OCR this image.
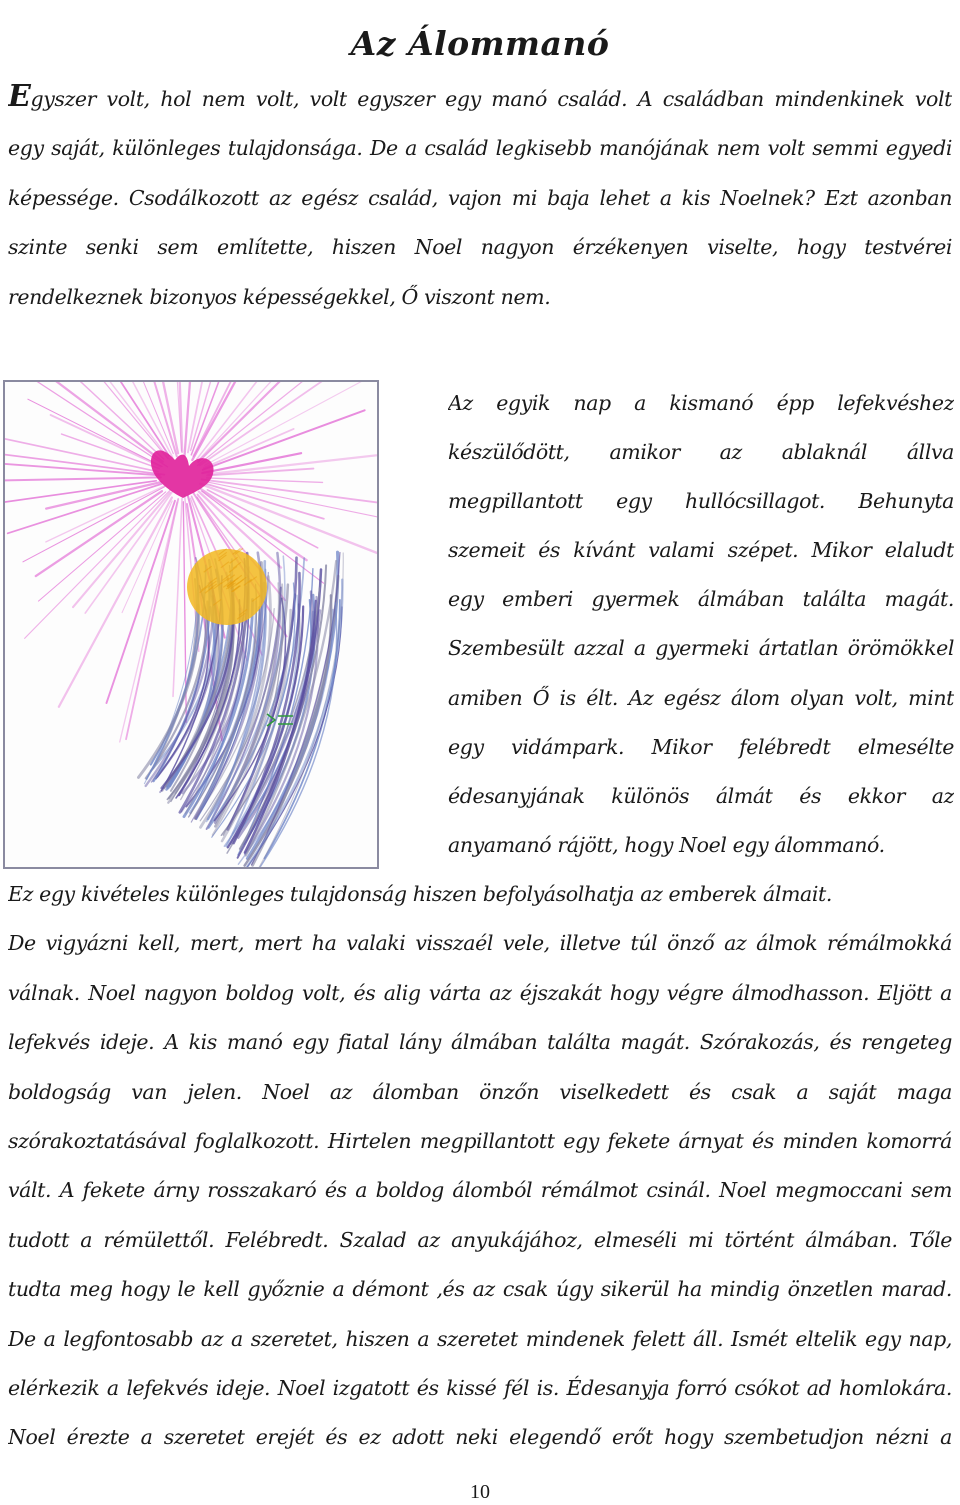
Az Álommanó
Egyszer volt, hol nem volt, volt egyszer egy manó család. A családban mindenkinek volt
egy saját, különleges tulajdonsága. De a család legkisebb manójának nem volt semmi egyedi
képessége. Csodálkozott az egész család, vajon mi baja lehet a kis Noelnek? Ezt azonban
szinte senki sem említette, hiszen Noel nagyon érzékenyen viselte, hogy testvérei
rendelkeznek bizonyos képességekkel, Ő viszont nem.
Az egyik nap a kismanó épp lefekvéshez
készülődött, amikor az ablaknál állva
megpillantott egy hullócsillagot. Behunyta
szemeit és kívánt valami szépet. Mikor elaludt
egy emberi gyermek álmában találta magát.
Szembesült azzal a gyermeki ártatlan örömökkel
amiben Ő is élt. Az egész álom olyan volt, mint
egy vidámpark. Mikor felébredt elmesélte
édesanyjának különös álmát és ekkor az
anyamanó rájött, hogy Noel egy álommanó.
Ez egy kivételes különleges tulajdonság hiszen befolyásolhatja az emberek álmait.
De vigyázni kell, mert, mert ha valaki visszaél vele, illetve túl önző az álmok rémálmokká
válnak. Noel nagyon boldog volt, és alig várta az éjszakát hogy végre álmodhasson. Eljött a
lefekvés ideje. A kis manó egy fiatal lány álmában találta magát. Szórakozás, és rengeteg
boldogság van jelen. Noel az álomban önzőn viselkedett és csak a saját maga
szórakoztatásával foglalkozott. Hirtelen megpillantott egy fekete árnyat és minden komorrá
vált. A fekete árny rosszakaró és a boldog álomból rémálmot csinál. Noel megmoccani sem
tudott a rémülettől. Felébredt. Szalad az anyukájához, elmeséli mi történt álmában. Tőle
tudta meg hogy le kell győznie a démont ,és az csak úgy sikerül ha mindig önzetlen marad.
De a legfontosabb az a szeretet, hiszen a szeretet mindenek felett áll. Ismét eltelik egy nap,
elérkezik a lefekvés ideje. Noel izgatott és kissé fél is. Édesanyja forró csókot ad homlokára.
Noel érezte a szeretet erejét és ez adott neki elegendő erőt hogy szembetudjon nézni a
10
